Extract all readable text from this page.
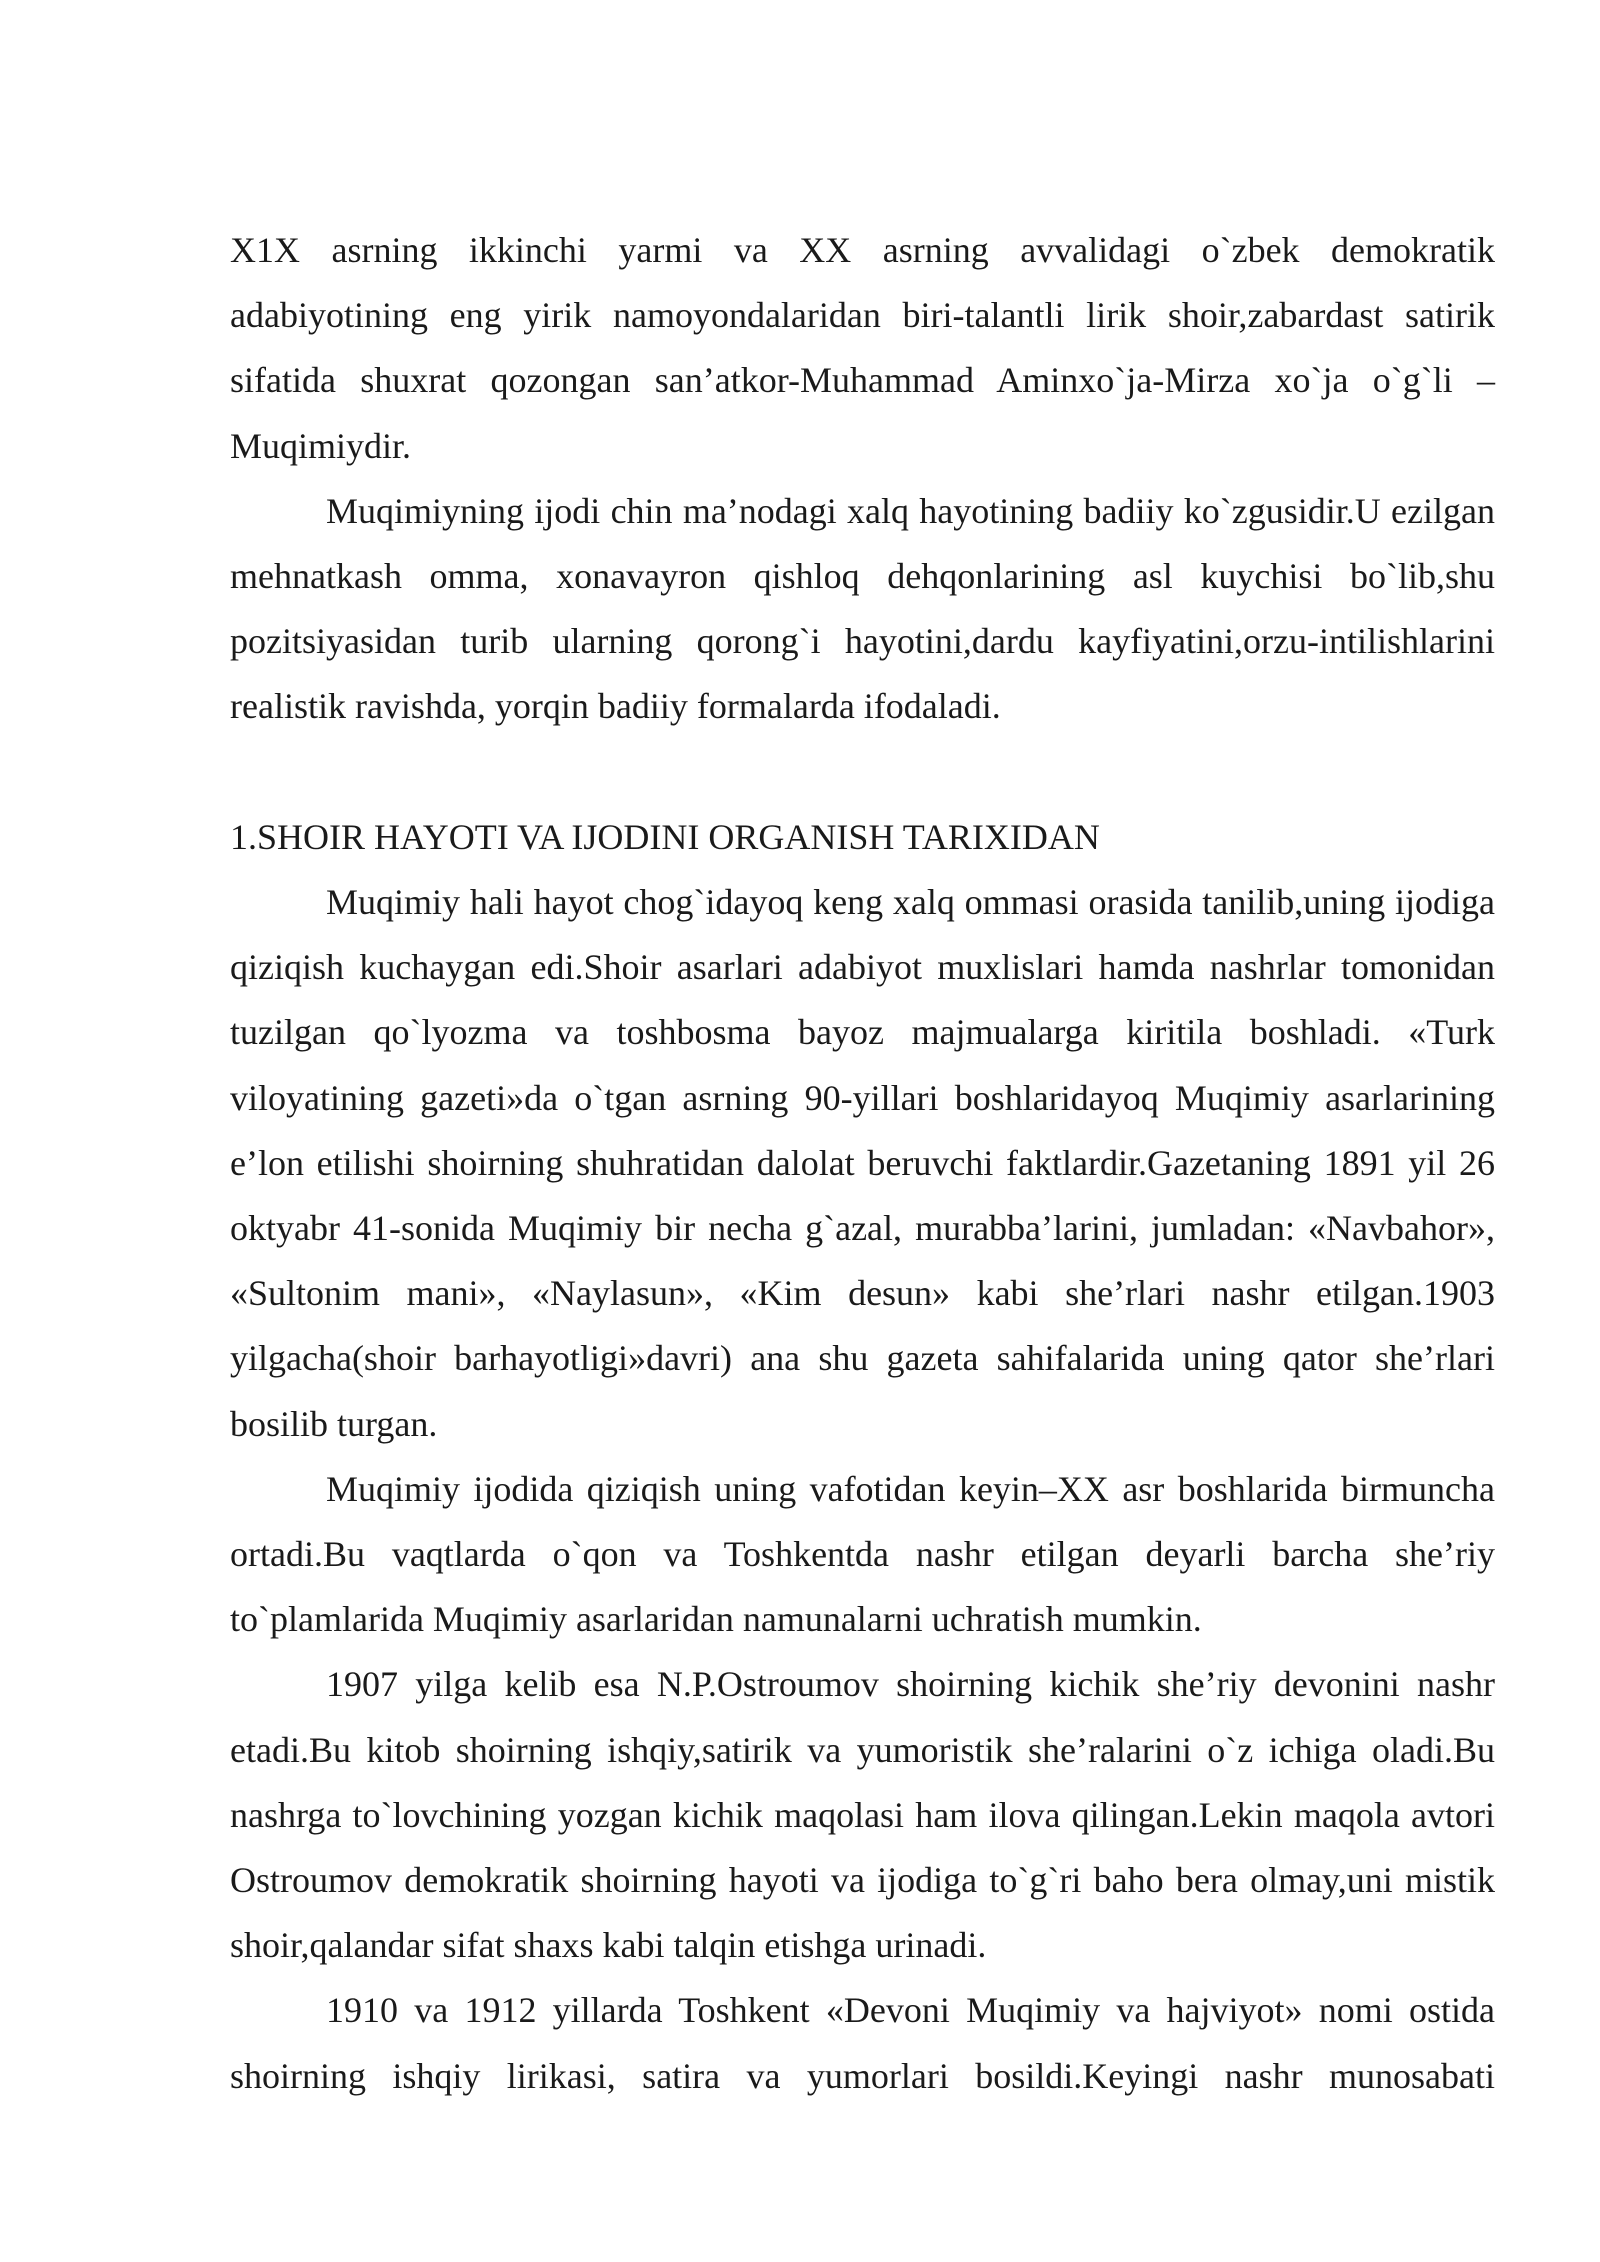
X1X asrning ikkinchi yarmi va XX asrning avvalidagi o`zbek demokratik adabiyotining eng yirik namoyondalaridan biri-talantli lirik shoir,zabardast satirik sifatida shuxrat qozongan san’atkor-Muhammad Aminxo`ja-Mirza xo`ja o`g`li – Muqimiydir.

Muqimiyning ijodi chin ma’nodagi xalq hayotining badiiy ko`zgusidir.U ezilgan mehnatkash omma, xonavayron qishloq dehqonlarining asl kuychisi bo`lib,shu pozitsiyasidan turib ularning qorong`i hayotini,dardu kayfiyatini,orzu-intilishlarini realistik ravishda, yorqin badiiy formalarda ifodaladi.

1.SHOIR HAYOTI VA IJODINI ORGANISH TARIXIDAN

Muqimiy hali hayot chog`idayoq keng xalq ommasi orasida tanilib,uning ijodiga qiziqish kuchaygan edi.Shoir asarlari adabiyot muxlislari hamda nashrlar tomonidan tuzilgan qo`lyozma va toshbosma bayoz majmualarga kiritila boshladi. «Turk viloyatining gazeti»da o`tgan asrning 90-yillari boshlaridayoq Muqimiy asarlarining e’lon etilishi shoirning shuhratidan dalolat beruvchi faktlardir.Gazetaning 1891 yil 26 oktyabr 41-sonida Muqimiy bir necha g`azal, murabba’larini, jumladan: «Navbahor», «Sultonim mani», «Naylasun», «Kim desun» kabi she’rlari nashr etilgan.1903 yilgacha(shoir barhayotligi»davri) ana shu gazeta sahifalarida uning qator she’rlari bosilib turgan.

Muqimiy ijodida qiziqish uning vafotidan keyin–XX asr boshlarida birmuncha ortadi.Bu vaqtlarda o`qon va Toshkentda nashr etilgan deyarli barcha she’riy to`plamlarida Muqimiy asarlaridan namunalarni uchratish mumkin.

1907 yilga kelib esa N.P.Ostroumov shoirning kichik she’riy devonini nashr etadi.Bu kitob shoirning ishqiy,satirik va yumoristik she’ralarini o`z ichiga oladi.Bu nashrga to`lovchining yozgan kichik maqolasi ham ilova qilingan.Lekin maqola avtori Ostroumov demokratik shoirning hayoti va ijodiga to`g`ri baho bera olmay,uni mistik shoir,qalandar sifat shaxs kabi talqin etishga urinadi.

1910 va 1912 yillarda Toshkent «Devoni Muqimiy va hajviyot» nomi ostida shoirning ishqiy lirikasi, satira va yumorlari bosildi.Keyingi nashr munosabati
